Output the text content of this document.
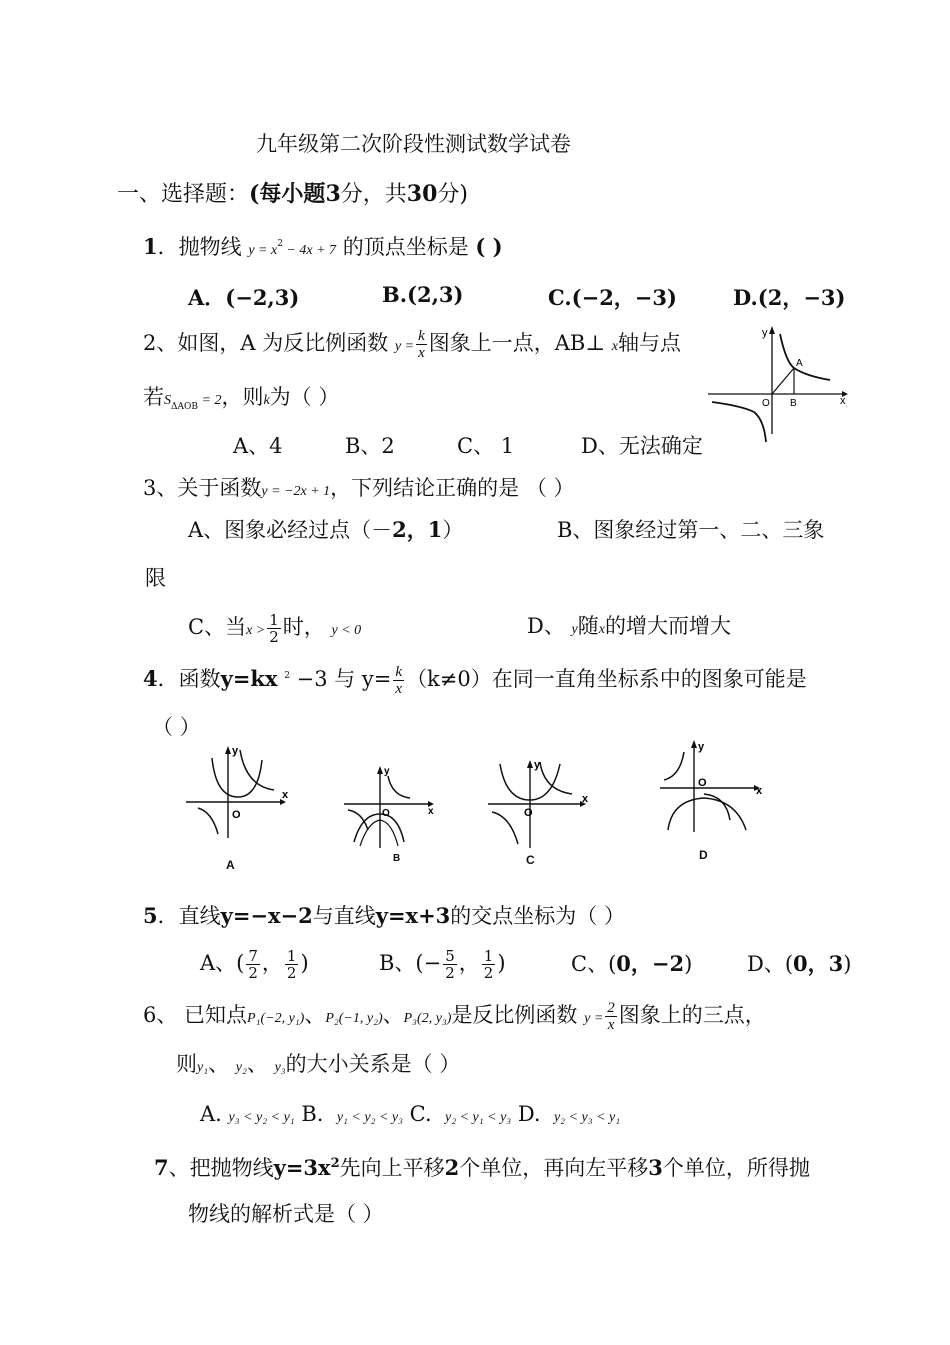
九年级第二次阶段性测试数学试卷
一、选择题：(每小题3分，共30分)
1．抛物线 $y = x^2 - 4x + 7$ 的顶点坐标是 ( )
A．(−2,3)	B.(2,3)	C.(−2，−3)	D.(2，−3)
2、如图，A 为反比例函数 $y = \frac{k}{x}$ 图象上一点，AB⊥ x轴与点
若$S_{\Delta AOB} = 2$，则k为（ ）
A、4	B、2	C、 1	D、无法确定
y
x
A
O B
3、关于函数y = −2x + 1，下列结论正确的是 （ ）
A、图象必经过点（－2，1）	B、图象经过第一、二、三象
限
C、当$x > \frac{1}{2}$ 时， y < 0	D、 y随x的增大而增大
4．函数y=kx $^2$ −3 与 $y= \frac{k}{x} (k\ne 0)$在同一直角坐标系中的图象可能是
（ ）
y
x
O
A
y
x
O
B
y
x
O
C
y
x
O
D
5．直线y=−x−2与直线y=x+3的交点坐标为（ ）
A、( $\frac{7}{2}$ ， $\frac{1}{2}$ )	B、(− $\frac{5}{2}$ ， $\frac{1}{2}$ )	C、(0，−2)	D、(0，3)
6、 已知点P₁(−2, y₁)、P₂(−1, y₂)、P₃(2, y₃)是反比例函数 $y = \frac{2}{x}$ 图象上的三点，
则y₁、 y₂、 y₃的大小关系是（ ）
A. y₃ < y₂ < y₁ B. y₁ < y₂ < y₃ C. y₂ < y₁ < y₃ D. y₂ < y₃ < y₁
7、把抛物线$y=3x^2$先向上平移2个单位，再向左平移3个单位，所得抛
物线的解析式是（ ）
